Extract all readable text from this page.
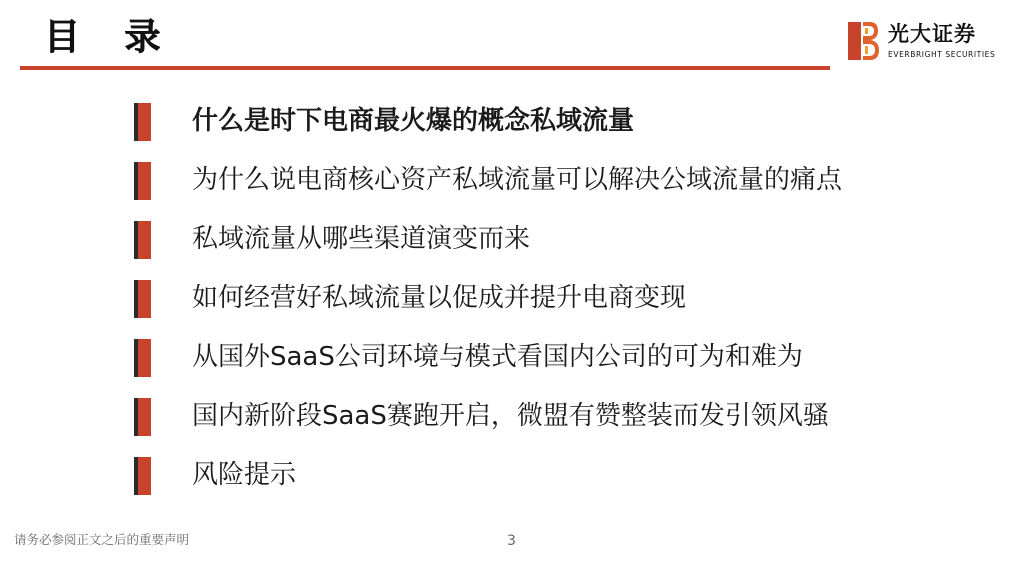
目 录	光大证券
EVERBRIGHT SECURITIES
什么是时下电商最火爆的概念私域流量
为什么说电商核心资产私域流量可以解决公域流量的痛点
私域流量从哪些渠道演变而来
如何经营好私域流量以促成并提升电商变现
从国外SaaS公司环境与模式看国内公司的可为和难为
国内新阶段SaaS赛跑开启，微盟有赞整装而发引领风骚
风险提示
请务必参阅正文之后的重要声明	3
